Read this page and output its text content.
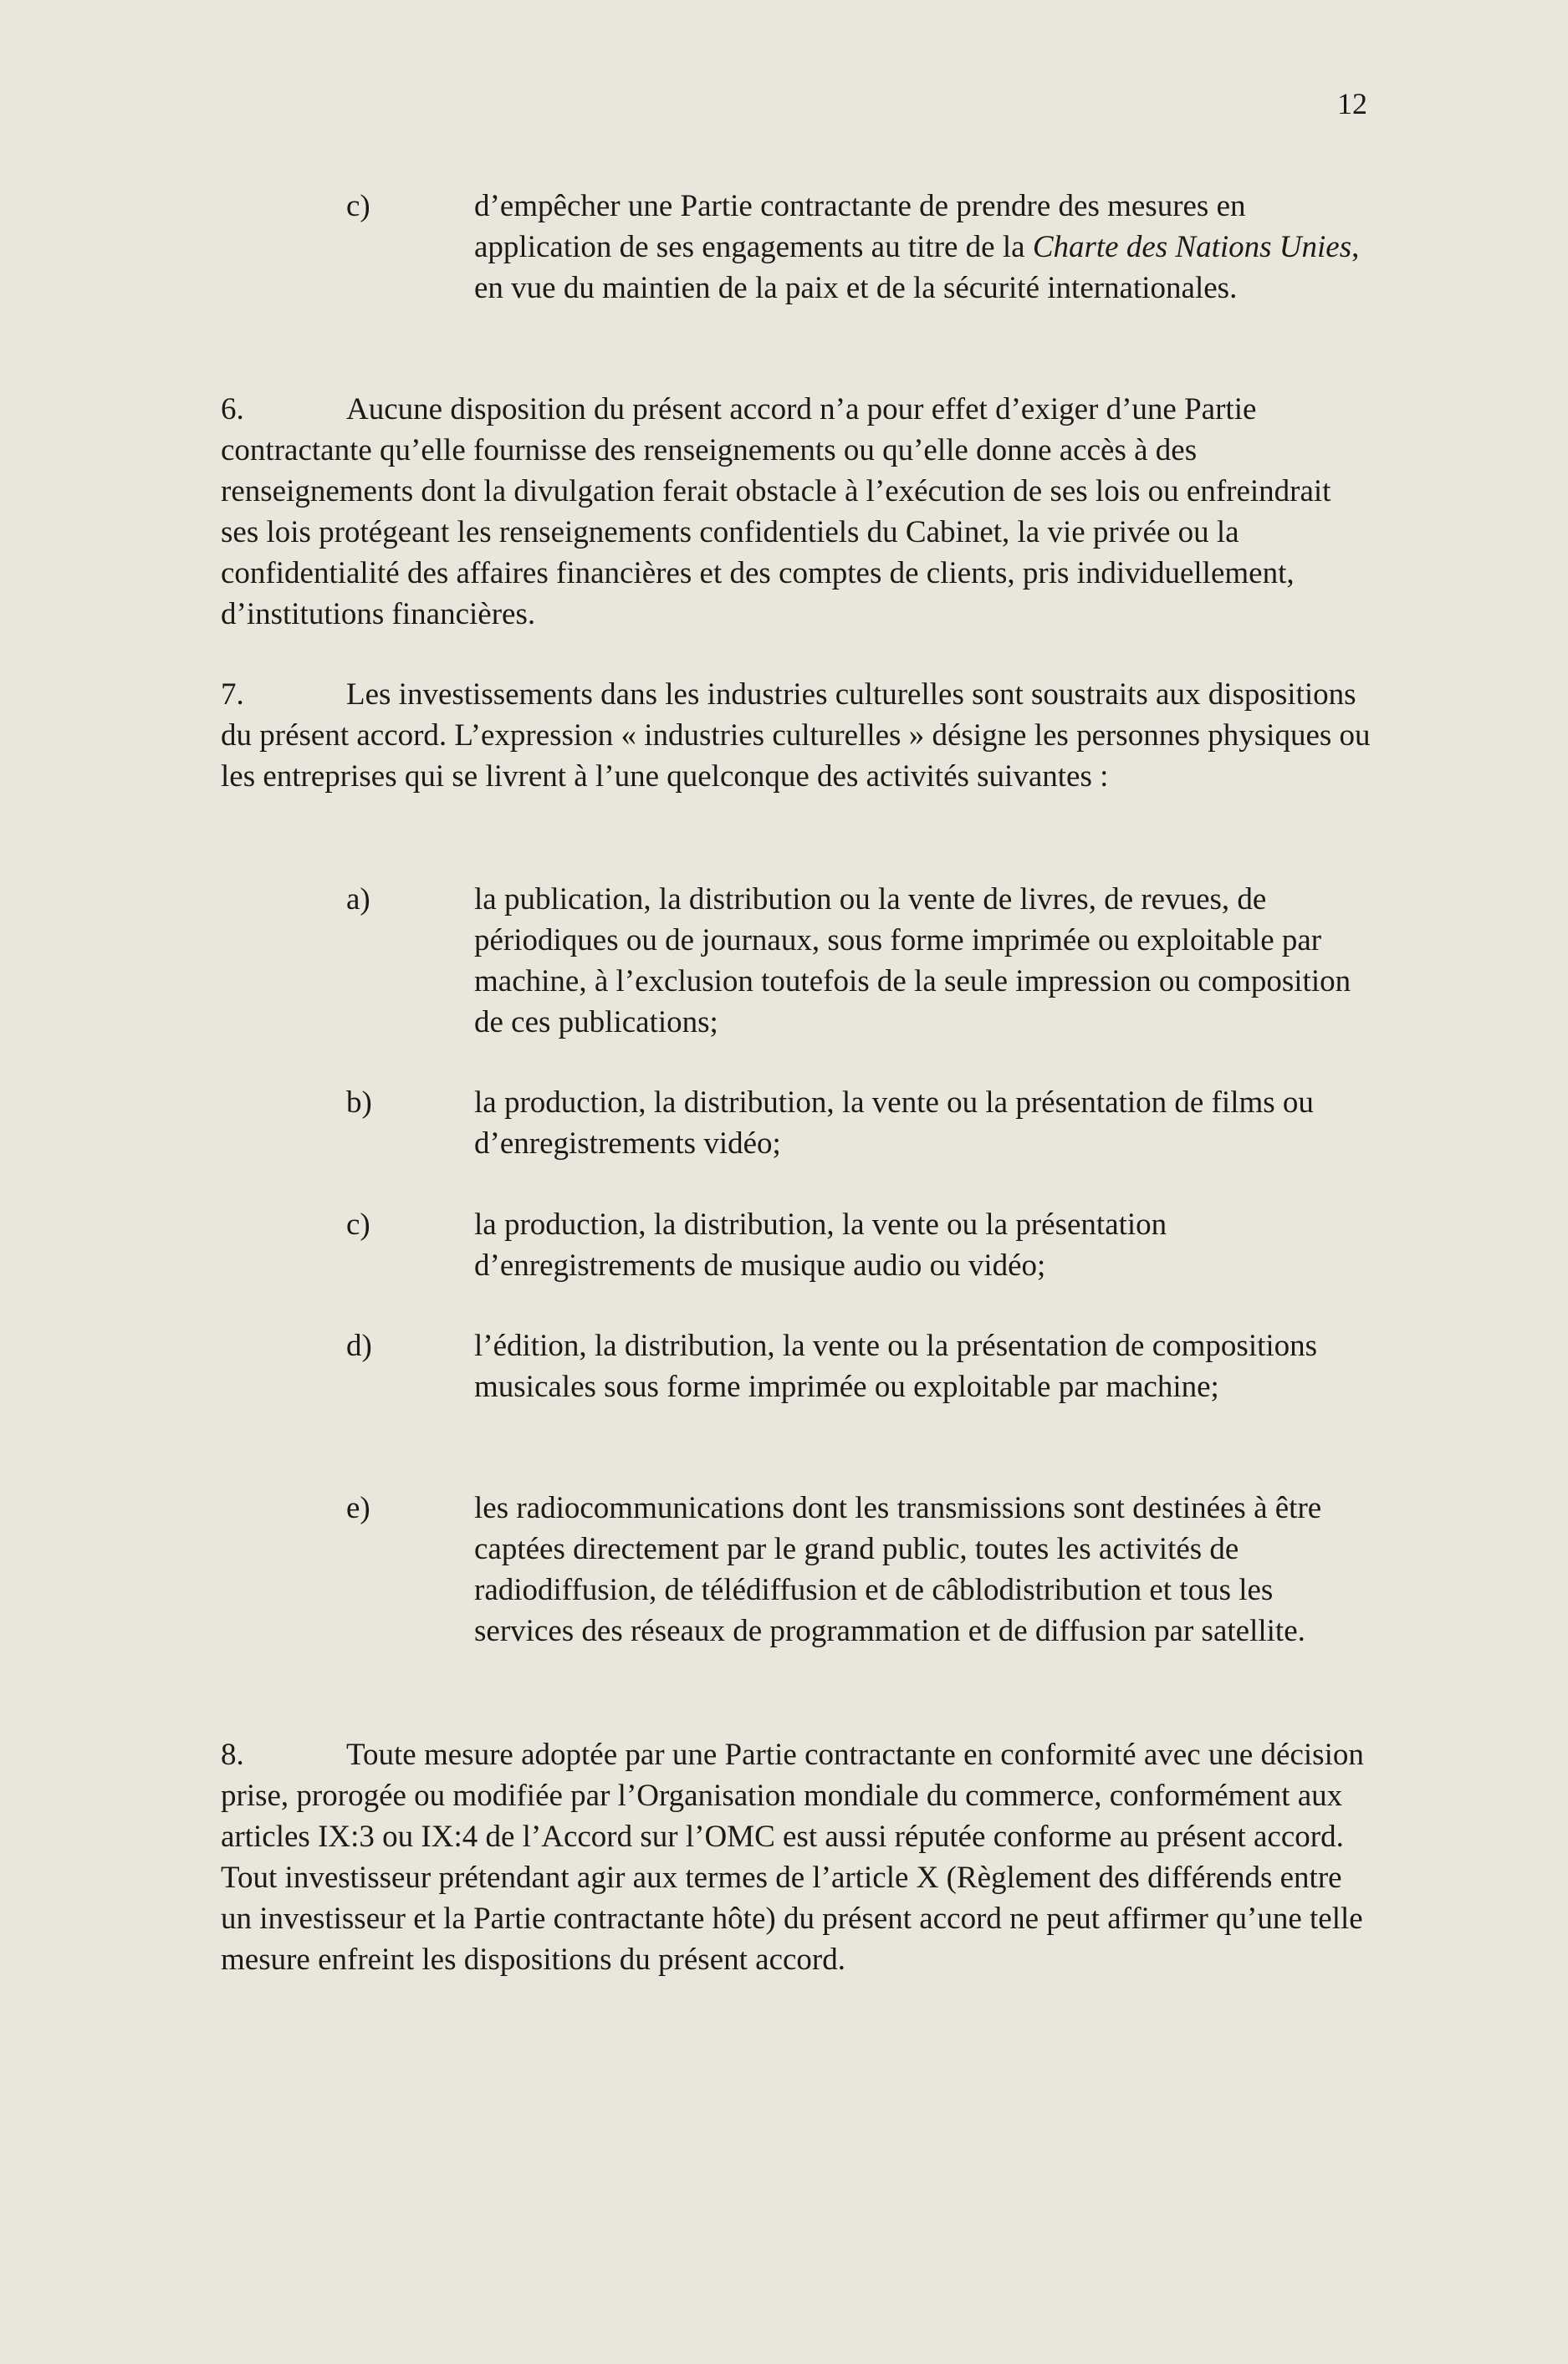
12
c)	d’empêcher une Partie contractante de prendre des mesures en application de ses engagements au titre de la Charte des Nations Unies, en vue du maintien de la paix et de la sécurité internationales.
6.	Aucune disposition du présent accord n’a pour effet d’exiger d’une Partie contractante qu’elle fournisse des renseignements ou qu’elle donne accès à des renseignements dont la divulgation ferait obstacle à l’exécution de ses lois ou enfreindrait ses lois protégeant les renseignements confidentiels du Cabinet, la vie privée ou la confidentialité des affaires financières et des comptes de clients, pris individuellement, d’institutions financières.
7.	Les investissements dans les industries culturelles sont soustraits aux dispositions du présent accord. L’expression « industries culturelles » désigne les personnes physiques ou les entreprises qui se livrent à l’une quelconque des activités suivantes :
a)	la publication, la distribution ou la vente de livres, de revues, de périodiques ou de journaux, sous forme imprimée ou exploitable par machine, à l’exclusion toutefois de la seule impression ou composition de ces publications;
b)	la production, la distribution, la vente ou la présentation de films ou d’enregistrements vidéo;
c)	la production, la distribution, la vente ou la présentation d’enregistrements de musique audio ou vidéo;
d)	l’édition, la distribution, la vente ou la présentation de compositions musicales sous forme imprimée ou exploitable par machine;
e)	les radiocommunications dont les transmissions sont destinées à être captées directement par le grand public, toutes les activités de radiodiffusion, de télédiffusion et de câblodistribution et tous les services des réseaux de programmation et de diffusion par satellite.
8.	Toute mesure adoptée par une Partie contractante en conformité avec une décision prise, prorogée ou modifiée par l’Organisation mondiale du commerce, conformément aux articles IX:3 ou IX:4 de l’Accord sur l’OMC est aussi réputée conforme au présent accord. Tout investisseur prétendant agir aux termes de l’article X (Règlement des différends entre un investisseur et la Partie contractante hôte) du présent accord ne peut affirmer qu’une telle mesure enfreint les dispositions du présent accord.
